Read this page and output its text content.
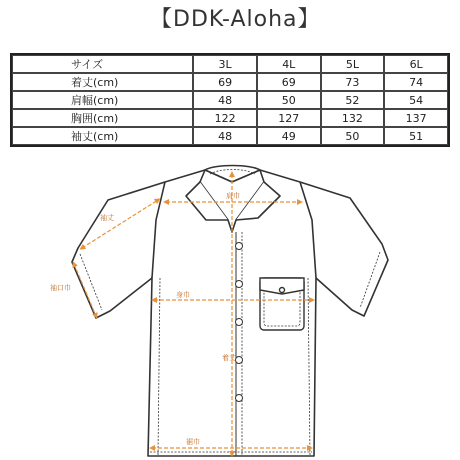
【DDK-Aloha】
サイズ	3L	4L	5L	6L
着丈(cm)	69	69	73	74
肩幅(cm)	48	50	52	54
胸囲(cm)	122	127	132	137
袖丈(cm)	48	49	50	51
肩巾
袖丈
袖口巾
身巾
着丈
裾巾
